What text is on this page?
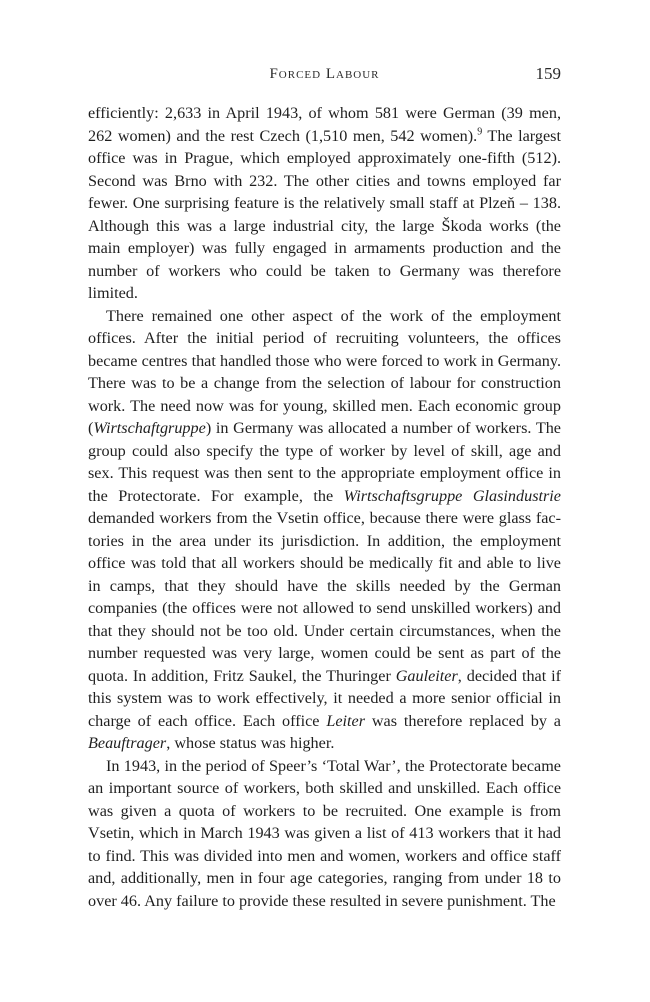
Forced Labour	159

efficiently: 2,633 in April 1943, of whom 581 were German (39 men, 262 women) and the rest Czech (1,510 men, 542 women).$^9$ The largest office was in Prague, which employed approximately one-fifth (512). Second was Brno with 232. The other cities and towns employed far fewer. One surprising feature is the relatively small staff at Plzeň – 138. Although this was a large industrial city, the large Škoda works (the main employer) was fully engaged in armaments production and the number of workers who could be taken to Germany was therefore limited.

There remained one other aspect of the work of the employment offices. After the initial period of recruiting volunteers, the offices became centres that handled those who were forced to work in Germany. There was to be a change from the selection of labour for construction work. The need now was for young, skilled men. Each economic group (Wirtschaftgruppe) in Germany was allocated a number of workers. The group could also specify the type of worker by level of skill, age and sex. This request was then sent to the appropriate employment office in the Protectorate. For example, the Wirtschaftsgruppe Glasindustrie demanded workers from the Vsetin office, because there were glass factories in the area under its jurisdiction. In addition, the employment office was told that all workers should be medically fit and able to live in camps, that they should have the skills needed by the German companies (the offices were not allowed to send unskilled workers) and that they should not be too old. Under certain circumstances, when the number requested was very large, women could be sent as part of the quota. In addition, Fritz Saukel, the Thuringer Gauleiter, decided that if this system was to work effectively, it needed a more senior official in charge of each office. Each office Leiter was therefore replaced by a Beauftrager, whose status was higher.

In 1943, in the period of Speer’s ‘Total War’, the Protectorate became an important source of workers, both skilled and unskilled. Each office was given a quota of workers to be recruited. One example is from Vsetin, which in March 1943 was given a list of 413 workers that it had to find. This was divided into men and women, workers and office staff and, additionally, men in four age categories, ranging from under 18 to over 46. Any failure to provide these resulted in severe punishment. The
